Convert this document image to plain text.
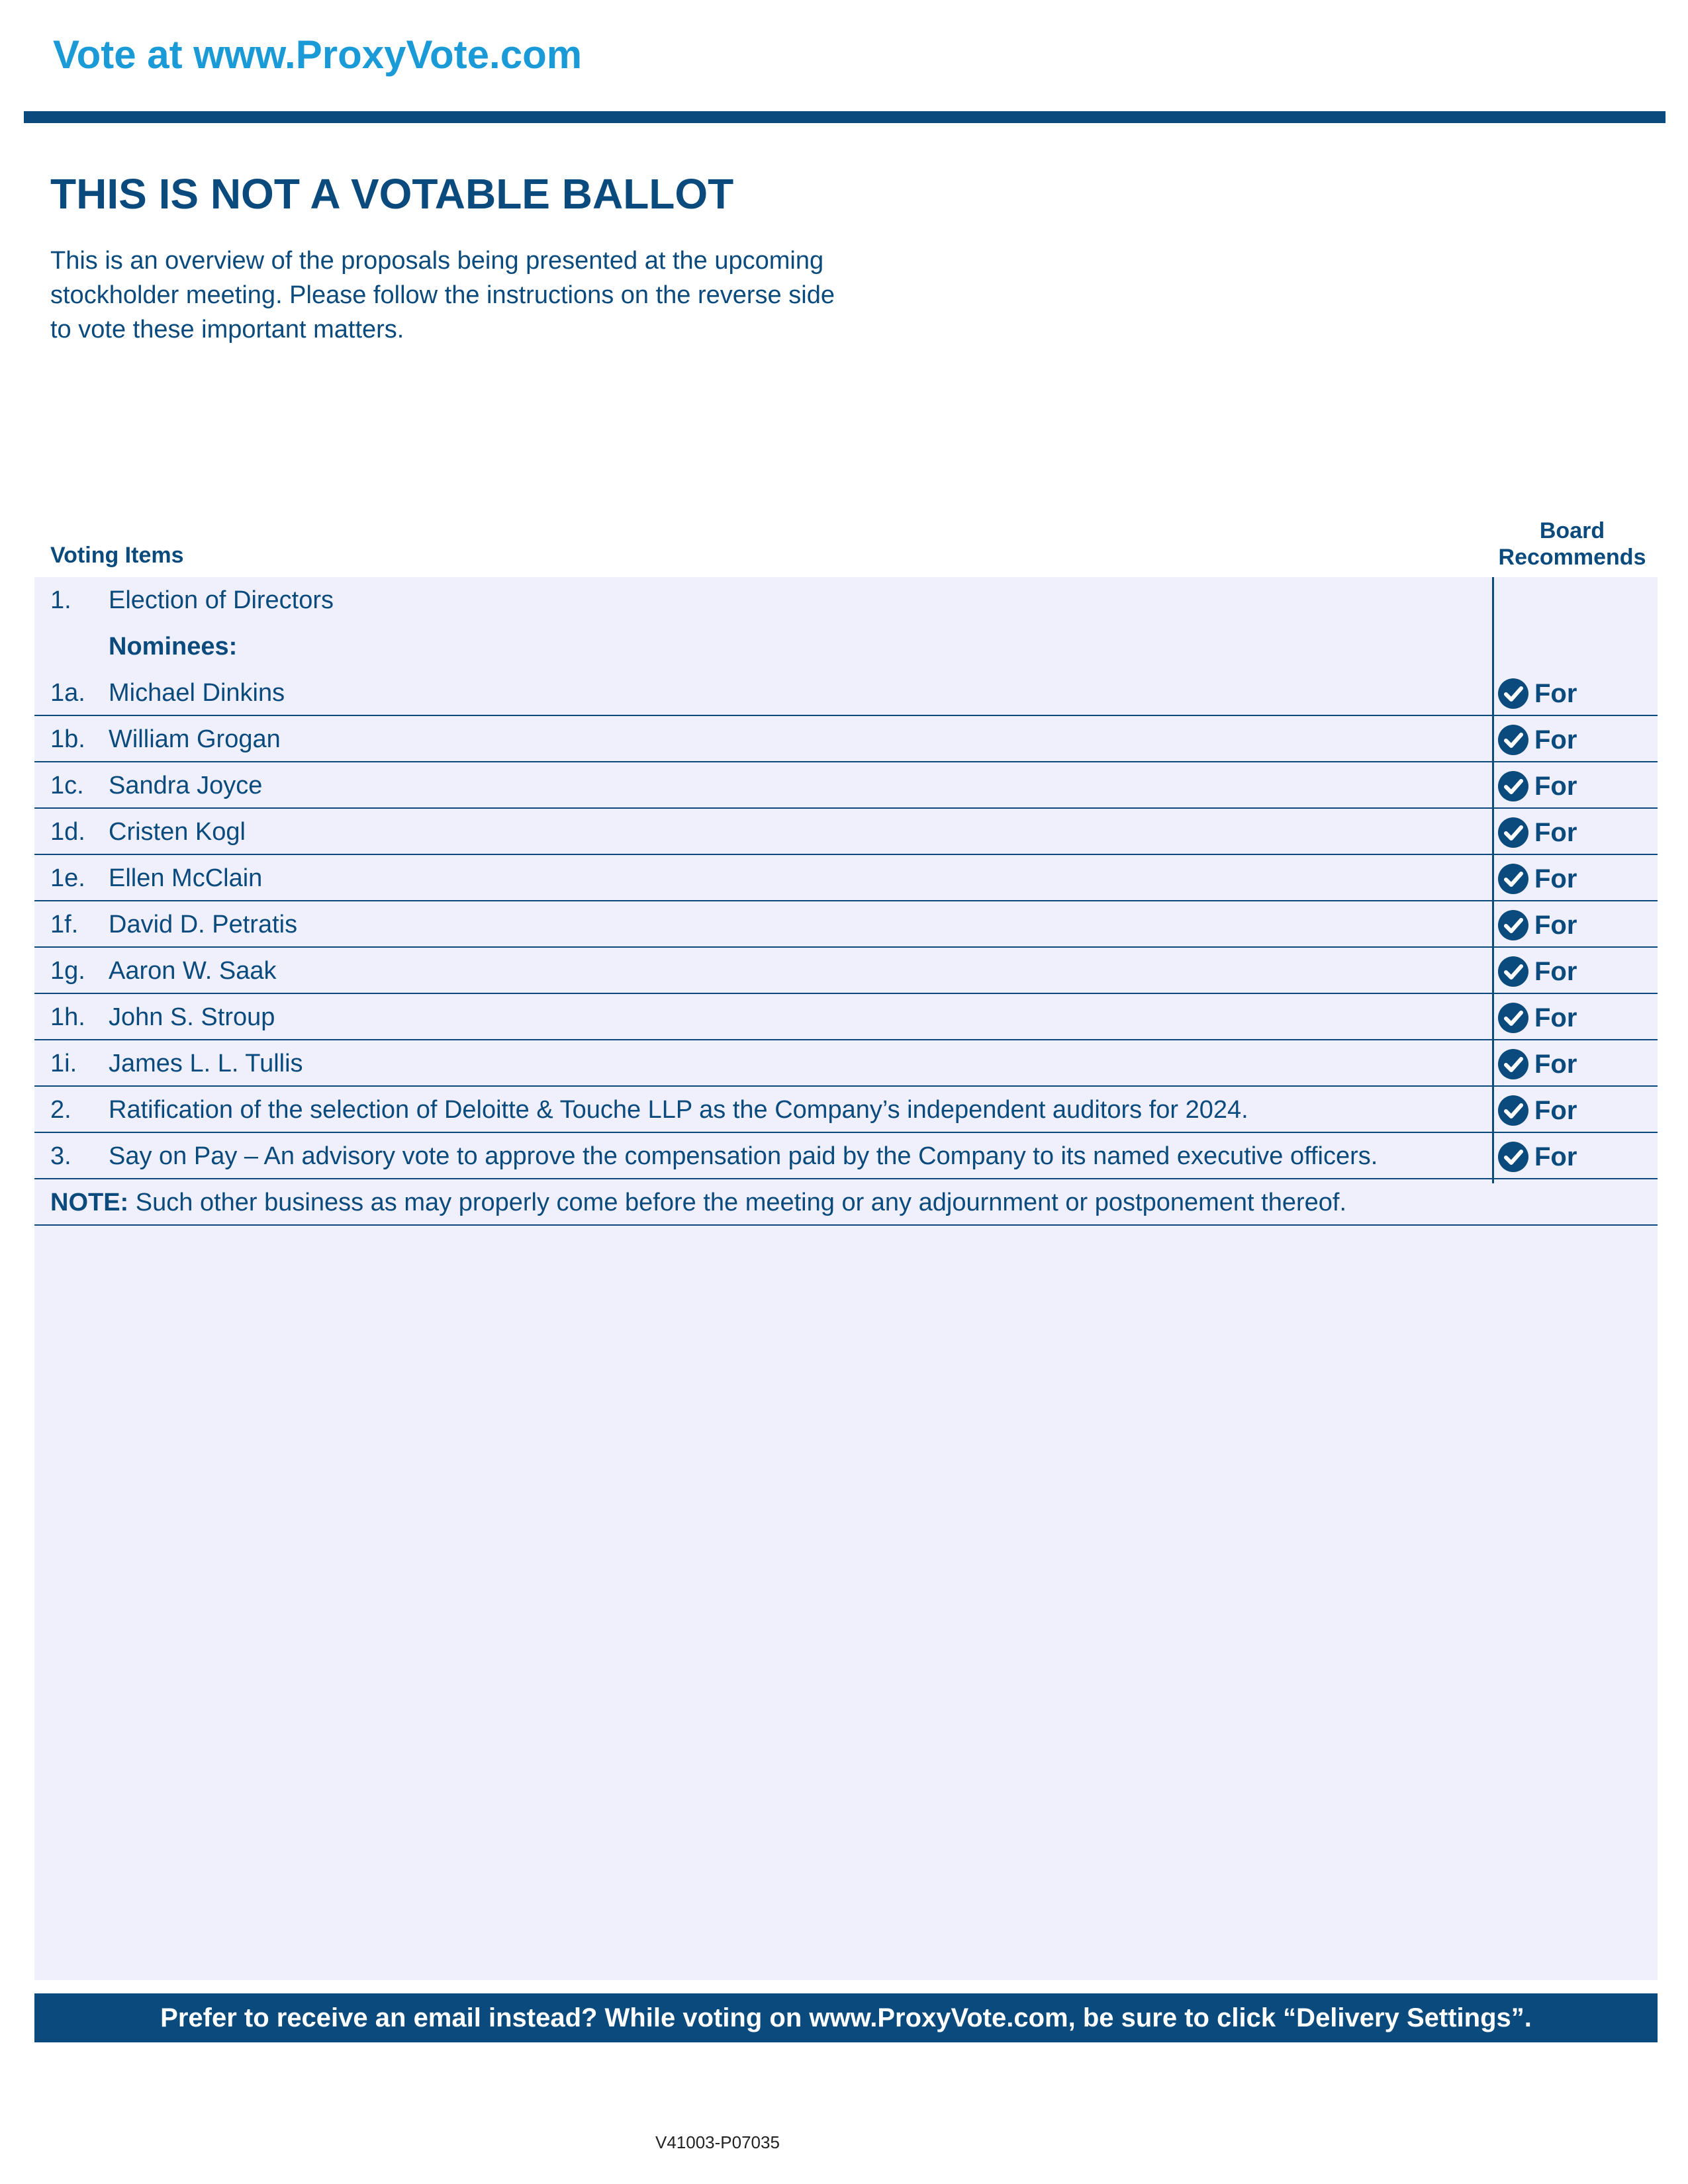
Vote at www.ProxyVote.com
THIS IS NOT A VOTABLE BALLOT

This is an overview of the proposals being presented at the upcoming stockholder meeting. Please follow the instructions on the reverse side to vote these important matters.

Voting Items
Board
Recommends
1. Election of Directors
Nominees:
1a. Michael Dinkins	For
1b. William Grogan	For
1c. Sandra Joyce	For
1d. Cristen Kogl	For
1e. Ellen McClain	For
1f. David D. Petratis	For
1g. Aaron W. Saak	For
1h. John S. Stroup	For
1i. James L. L. Tullis	For
2. Ratification of the selection of Deloitte & Touche LLP as the Company’s independent auditors for 2024.	For
3. Say on Pay – An advisory vote to approve the compensation paid by the Company to its named executive officers.	For
NOTE: Such other business as may properly come before the meeting or any adjournment or postponement thereof.
Prefer to receive an email instead? While voting on www.ProxyVote.com, be sure to click “Delivery Settings”.
V41003-P07035
